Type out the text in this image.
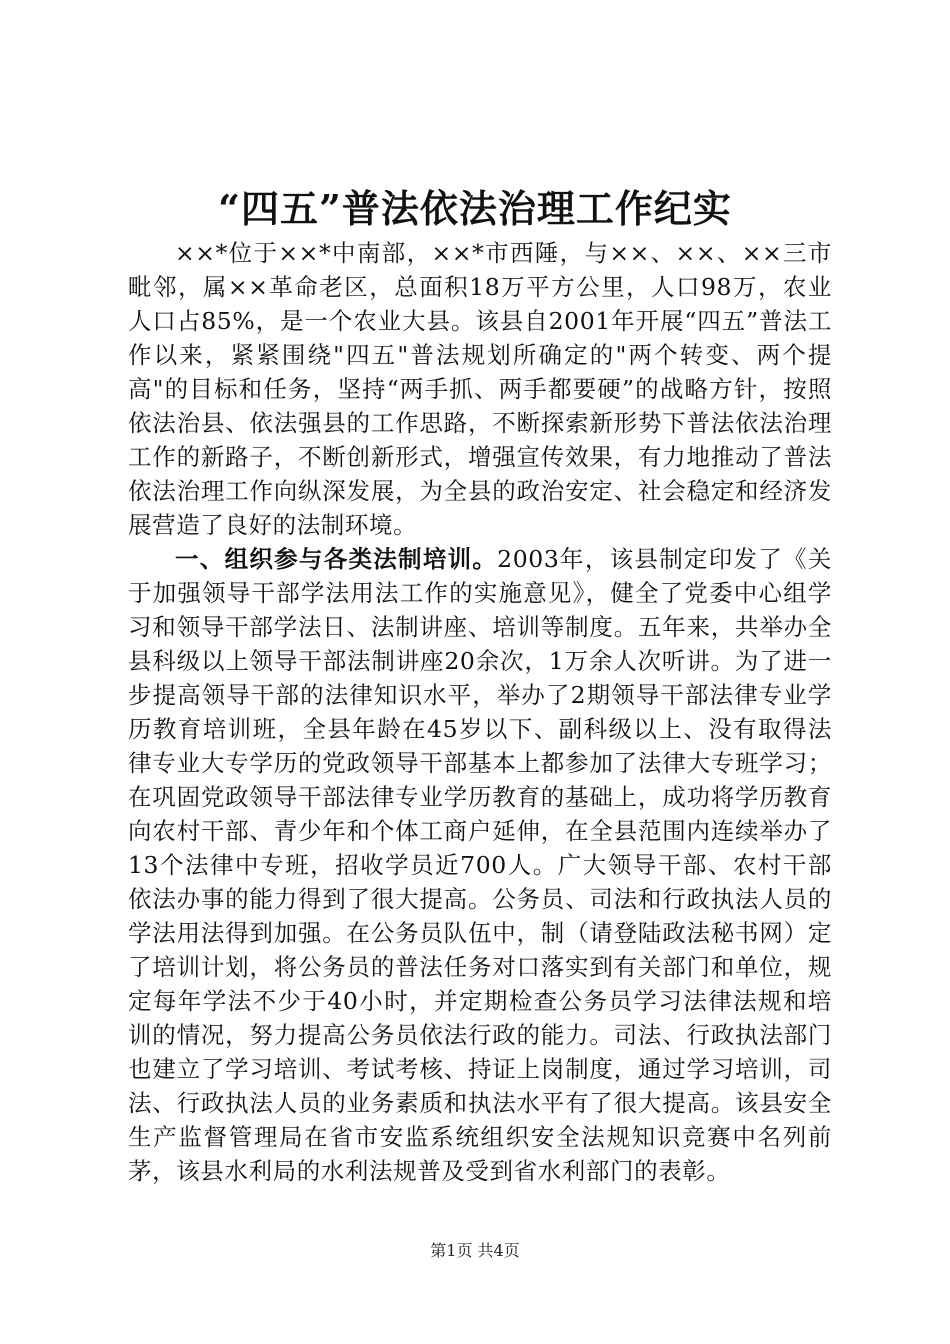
“四五”普法依法治理工作纪实

××*位于××*中南部，××*市西陲，与××、××、××三市毗邻，属××革命老区，总面积18万平方公里，人口98万，农业人口占85%，是一个农业大县。该县自2001年开展“四五”普法工作以来，紧紧围绕"四五"普法规划所确定的"两个转变、两个提高"的目标和任务，坚持“两手抓、两手都要硬”的战略方针，按照依法治县、依法强县的工作思路，不断探索新形势下普法依法治理工作的新路子，不断创新形式，增强宣传效果，有力地推动了普法依法治理工作向纵深发展，为全县的政治安定、社会稳定和经济发展营造了良好的法制环境。

一、组织参与各类法制培训。2003年，该县制定印发了《关于加强领导干部学法用法工作的实施意见》，健全了党委中心组学习和领导干部学法日、法制讲座、培训等制度。五年来，共举办全县科级以上领导干部法制讲座20余次，1万余人次听讲。为了进一步提高领导干部的法律知识水平，举办了2期领导干部法律专业学历教育培训班，全县年龄在45岁以下、副科级以上、没有取得法律专业大专学历的党政领导干部基本上都参加了法律大专班学习；在巩固党政领导干部法律专业学历教育的基础上，成功将学历教育向农村干部、青少年和个体工商户延伸，在全县范围内连续举办了13个法律中专班，招收学员近700人。广大领导干部、农村干部依法办事的能力得到了很大提高。公务员、司法和行政执法人员的学法用法得到加强。在公务员队伍中，制（请登陆政法秘书网）定了培训计划，将公务员的普法任务对口落实到有关部门和单位，规定每年学法不少于40小时，并定期检查公务员学习法律法规和培训的情况，努力提高公务员依法行政的能力。司法、行政执法部门也建立了学习培训、考试考核、持证上岗制度，通过学习培训，司法、行政执法人员的业务素质和执法水平有了很大提高。该县安全生产监督管理局在省市安监系统组织安全法规知识竞赛中名列前茅，该县水利局的水利法规普及受到省水利部门的表彰。

第1页 共4页
